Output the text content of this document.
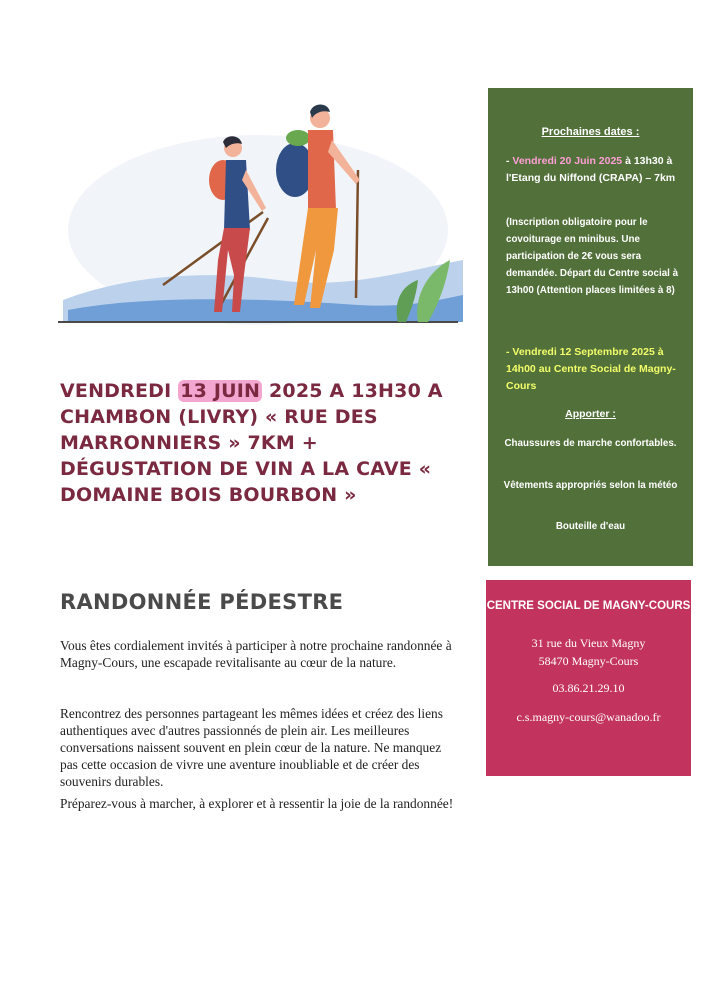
VENDREDI 13 JUIN 2025 A 13H30 A CHAMBON (LIVRY) « RUE DES MARRONNIERS » 7KM + DÉGUSTATION DE VIN A LA CAVE « DOMAINE BOIS BOURBON »
RANDONNÉE PÉDESTRE

Vous êtes cordialement invités à participer à notre prochaine randonnée à Magny-Cours, une escapade revitalisante au cœur de la nature.

Rencontrez des personnes partageant les mêmes idées et créez des liens authentiques avec d'autres passionnés de plein air. Les meilleures conversations naissent souvent en plein cœur de la nature. Ne manquez pas cette occasion de vivre une aventure inoubliable et de créer des souvenirs durables.

Préparez-vous à marcher, à explorer et à ressentir la joie de la randonnée!

Prochaines dates :
- Vendredi 20 Juin 2025 à 13h30 à l'Etang du Niffond (CRAPA) – 7km
(Inscription obligatoire pour le covoiturage en minibus. Une participation de 2€ vous sera demandée. Départ du Centre social à 13h00 (Attention places limitées à 8)
- Vendredi 12 Septembre 2025 à 14h00 au Centre Social de Magny-Cours
Apporter :
Chaussures de marche confortables.
Vêtements appropriés selon la météo
Bouteille d'eau
CENTRE SOCIAL DE MAGNY-COURS
31 rue du Vieux Magny
58470 Magny-Cours
03.86.21.29.10
c.s.magny-cours@wanadoo.fr
